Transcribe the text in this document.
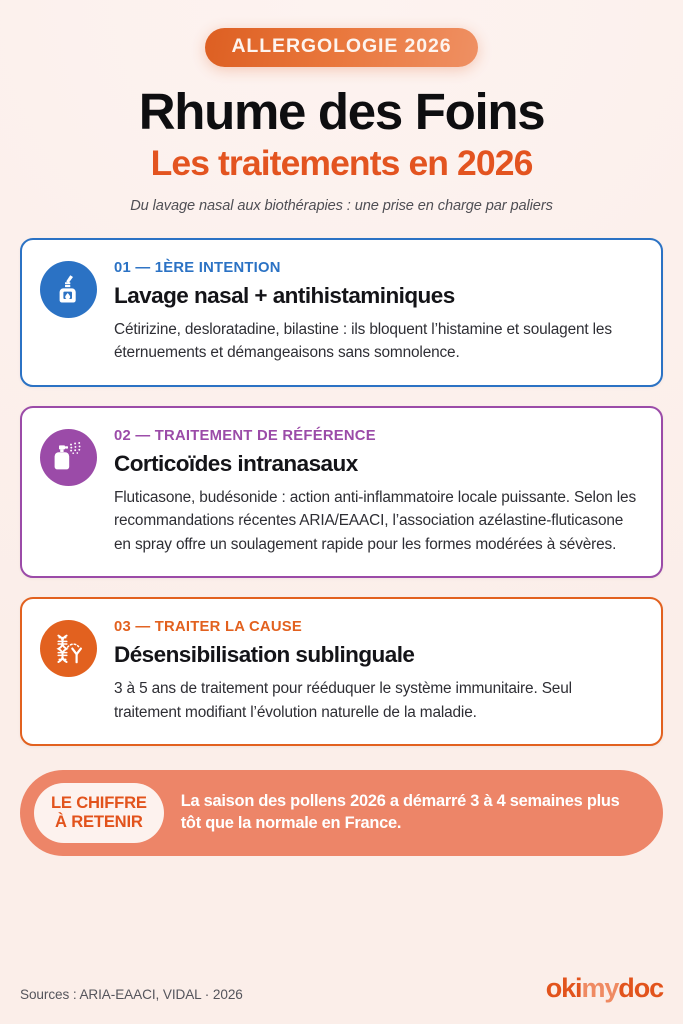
ALLERGOLOGIE 2026
Rhume des Foins
Les traitements en 2026

Du lavage nasal aux biothérapies : une prise en charge par paliers

01 — 1ÈRE INTENTION
Lavage nasal + antihistaminiques
Cétirizine, desloratadine, bilastine : ils bloquent l’histamine et soulagent les éternuements et démangeaisons sans somnolence.
02 — TRAITEMENT DE RÉFÉRENCE
Corticoïdes intranasaux
Fluticasone, budésonide : action anti-inflammatoire locale puissante. Selon les recommandations récentes ARIA/EAACI, l’association azélastine-fluticasone en spray offre un soulagement rapide pour les formes modérées à sévères.
03 — TRAITER LA CAUSE
Désensibilisation sublinguale
3 à 5 ans de traitement pour rééduquer le système immunitaire. Seul traitement modifiant l’évolution naturelle de la maladie.
LE CHIFFRE
À RETENIR
La saison des pollens 2026 a démarré 3 à 4 semaines plus tôt que la normale en France.
Sources : ARIA-EAACI, VIDAL · 2026	okimydoc
